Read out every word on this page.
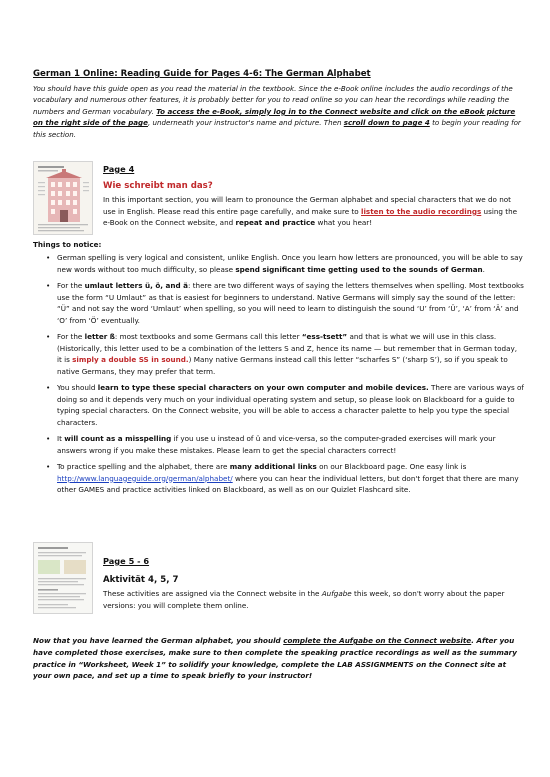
German 1 Online: Reading Guide for Pages 4-6: The German Alphabet

You should have this guide open as you read the material in the textbook. Since the e-Book online includes the audio recordings of the vocabulary and numerous other features, it is probably better for you to read online so you can hear the recordings while reading the numbers and German vocabulary. To access the e-Book, simply log in to the Connect website and click on the eBook picture on the right side of the page, underneath your instructor's name and picture. Then scroll down to page 4 to begin your reading for this section.

Page 4
Wie schreibt man das?

In this important section, you will learn to pronounce the German alphabet and special characters that we do not use in English. Please read this entire page carefully, and make sure to listen to the audio recordings using the e-Book on the Connect website, and repeat and practice what you hear!

Things to notice:
• German spelling is very logical and consistent, unlike English. Once you learn how letters are pronounced, you will be able to say new words without too much difficulty, so please spend significant time getting used to the sounds of German.
• For the umlaut letters ü, ö, and ä: there are two different ways of saying the letters themselves when spelling. Most textbooks use the form “U Umlaut” as that is easiest for beginners to understand. Native Germans will simply say the sound of the letter: “Ü” and not say the word ‘Umlaut’ when spelling, so you will need to learn to distinguish the sound ‘U’ from ‘Ü’, ‘A’ from ‘Ä’ and ‘O’ from ‘Ö’ eventually.
• For the letter ß: most textbooks and some Germans call this letter “ess-tsett” and that is what we will use in this class. (Historically, this letter used to be a combination of the letters S and Z, hence its name — but remember that in German today, it is simply a double SS in sound.) Many native Germans instead call this letter “scharfes S” (‘sharp S’), so if you speak to native Germans, they may prefer that term.
• You should learn to type these special characters on your own computer and mobile devices. There are various ways of doing so and it depends very much on your individual operating system and setup, so please look on Blackboard for a guide to typing special characters. On the Connect website, you will be able to access a character palette to help you type the special characters.
• It will count as a misspelling if you use u instead of ü and vice-versa, so the computer-graded exercises will mark your answers wrong if you make these mistakes. Please learn to get the special characters correct!
• To practice spelling and the alphabet, there are many additional links on our Blackboard page. One easy link is http://www.languageguide.org/german/alphabet/ where you can hear the individual letters, but don't forget that there are many other GAMES and practice activities linked on Blackboard, as well as on our Quizlet Flashcard site.
Page 5 - 6
Aktivität 4, 5, 7

These activities are assigned via the Connect website in the Aufgabe this week, so don't worry about the paper versions: you will complete them online.

Now that you have learned the German alphabet, you should complete the Aufgabe on the Connect website. After you have completed those exercises, make sure to then complete the speaking practice recordings as well as the summary practice in “Worksheet, Week 1” to solidify your knowledge, complete the LAB ASSIGNMENTS on the Connect site at your own pace, and set up a time to speak briefly to your instructor!
